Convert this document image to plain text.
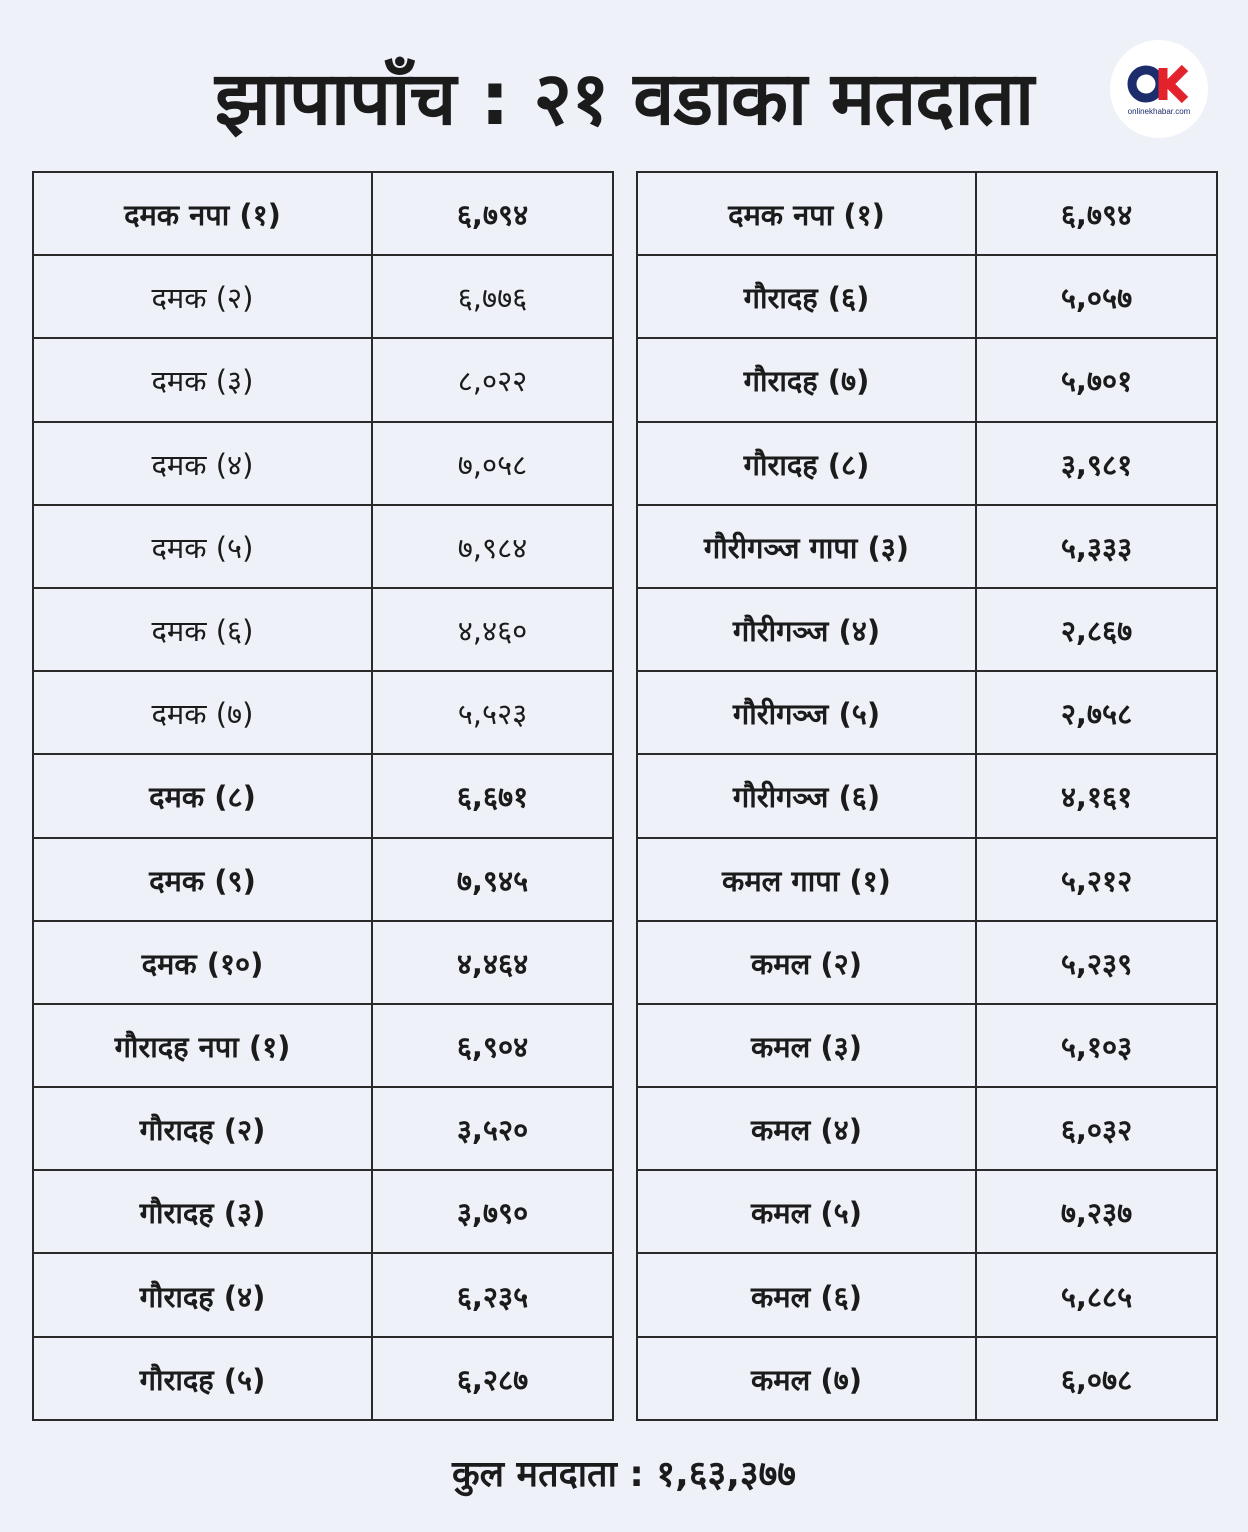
झापापाँच : २१ वडाका मतदाता	onlinekhabar.com
दमक नपा (१)	६,७९४
दमक (२)	६,७७६
दमक (३)	८,०२२
दमक (४)	७,०५८
दमक (५)	७,९८४
दमक (६)	४,४६०
दमक (७)	५,५२३
दमक (८)	६,६७१
दमक (९)	७,९४५
दमक (१०)	४,४६४
गौरादह नपा (१)	६,९०४
गौरादह (२)	३,५२०
गौरादह (३)	३,७९०
गौरादह (४)	६,२३५
गौरादह (५)	६,२८७
दमक नपा (१)	६,७९४
गौरादह (६)	५,०५७
गौरादह (७)	५,७०१
गौरादह (८)	३,९८१
गौरीगञ्ज गापा (३)	५,३३३
गौरीगञ्ज (४)	२,८६७
गौरीगञ्ज (५)	२,७५८
गौरीगञ्ज (६)	४,१६१
कमल गापा (१)	५,२१२
कमल (२)	५,२३९
कमल (३)	५,१०३
कमल (४)	६,०३२
कमल (५)	७,२३७
कमल (६)	५,८८५
कमल (७)	६,०७८
कुल मतदाता : १,६३,३७७
